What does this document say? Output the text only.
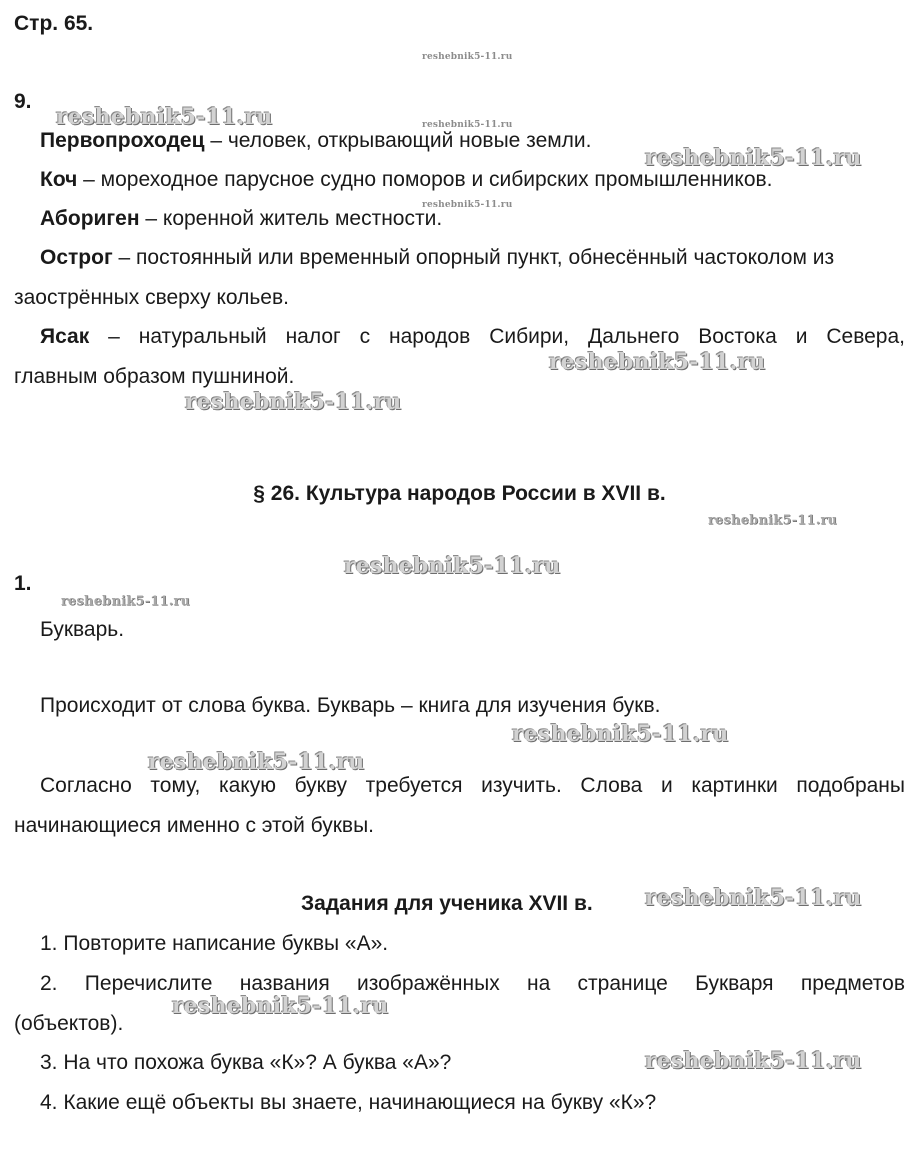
Стр. 65.
9.
Первопроходец – человек, открывающий новые земли.
Коч – мореходное парусное судно поморов и сибирских промышленников.
Абориген – коренной житель местности.
Острог – постоянный или временный опорный пункт, обнесённый частоколом из
заострённых сверху кольев.
Ясак – натуральный налог с народов Сибири, Дальнего Востока и Севера,
главным образом пушниной.
§ 26. Культура народов России в XVII в.
1.
Букварь.
Происходит от слова буква. Букварь – книга для изучения букв.
Согласно тому, какую букву требуется изучить. Слова и картинки подобраны
начинающиеся именно с этой буквы.
Задания для ученика XVII в.
1. Повторите написание буквы «А».
2. Перечислите названия изображённых на странице Букваря предметов
(объектов).
3. На что похожа буква «К»? А буква «А»?
4. Какие ещё объекты вы знаете, начинающиеся на букву «К»?
reshebnik5-11.ru
reshebnik5-11.ru	reshebnik5-11.ru
reshebnik5-11.ru
reshebnik5-11.ru
reshebnik5-11.ru
reshebnik5-11.ru
reshebnik5-11.ru
reshebnik5-11.ru
reshebnik5-11.ru
reshebnik5-11.ru
reshebnik5-11.ru
reshebnik5-11.ru
reshebnik5-11.ru
reshebnik5-11.ru
